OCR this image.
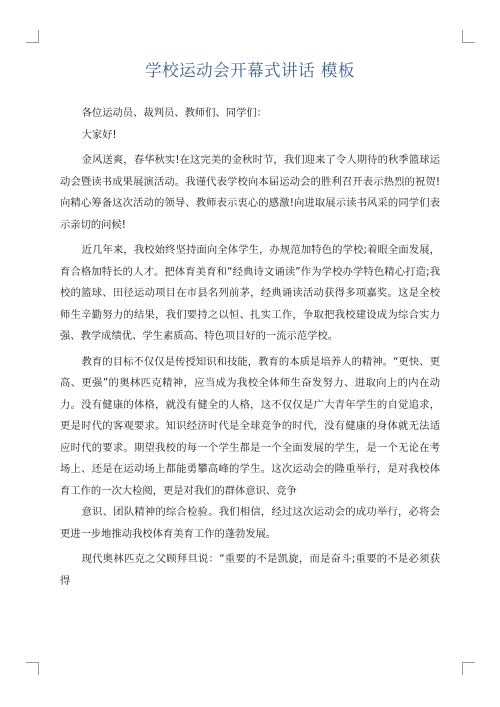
学校运动会开幕式讲话 模板

各位运动员、裁判员、教师们、同学们：

大家好!

金风送爽，春华秋实!在这完美的金秋时节，我们迎来了令人期待的秋季篮球运动会暨读书成果展演活动。我谨代表学校向本届运动会的胜利召开表示热烈的祝贺!向精心筹备这次活动的领导、教师表示衷心的感激!向进取展示读书风采的同学们表示亲切的问候!

近几年来，我校始终坚持面向全体学生，办规范加特色的学校;着眼全面发展，育合格加特长的人才。把体育美育和“经典诗文诵读”作为学校办学特色精心打造;我校的篮球、田径运动项目在市县名列前茅，经典诵读活动获得多项嘉奖。这是全校师生辛勤努力的结果，我们要持之以恒、扎实工作，争取把我校建设成为综合实力强、教学成绩优、学生素质高、特色项目好的一流示范学校。

教育的目标不仅仅是传授知识和技能，教育的本质是培养人的精神。“更快、更高、更强”的奥林匹克精神，应当成为我校全体师生奋发努力、进取向上的内在动力。没有健康的体格，就没有健全的人格，这不仅仅是广大青年学生的自觉追求，更是时代的客观要求。知识经济时代是全球竞争的时代，没有健康的身体就无法适应时代的要求。期望我校的每一个学生都是一个全面发展的学生，是一个无论在考场上、还是在运动场上都能勇攀高峰的学生。这次运动会的隆重举行，是对我校体育工作的一次大检阅，更是对我们的群体意识、竞争

意识、团队精神的综合检验。我们相信，经过这次运动会的成功举行，必将会更进一步地推动我校体育美育工作的蓬勃发展。

现代奥林匹克之父顾拜旦说：“重要的不是凯旋，而是奋斗;重要的不是必须获得
